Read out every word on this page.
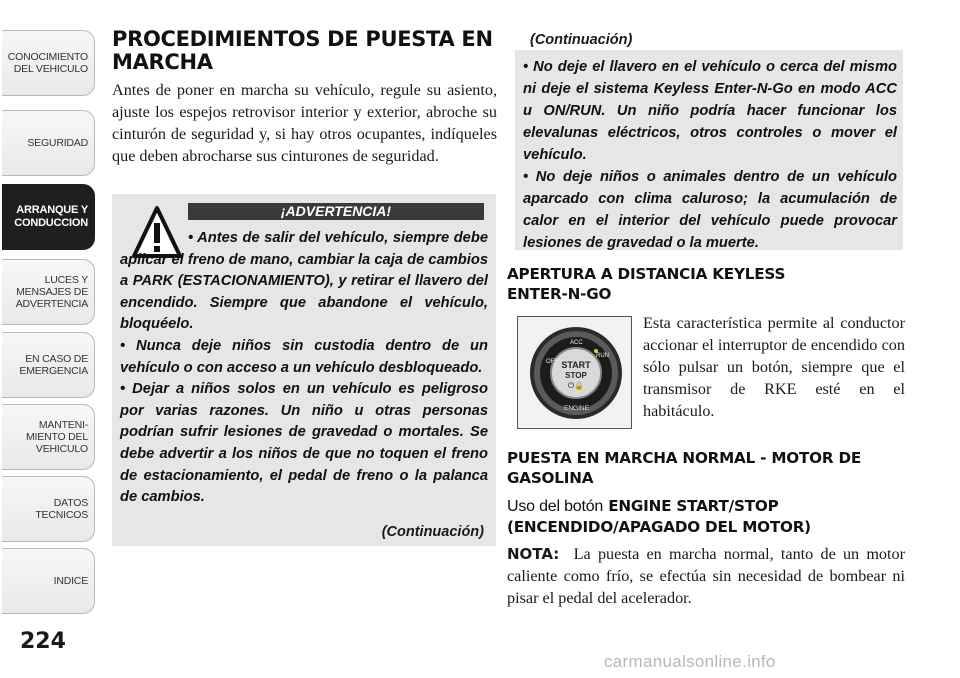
CONOCIMIENTO
DEL VEHICULO
SEGURIDAD
ARRANQUE Y
CONDUCCION
LUCES Y
MENSAJES DE
ADVERTENCIA
EN CASO DE
EMERGENCIA
MANTENI-
MIENTO DEL
VEHICULO
DATOS
TECNICOS
INDICE
224
PROCEDIMIENTOS DE PUESTA EN MARCHA

Antes de poner en marcha su vehículo, regule su asiento, ajuste los espejos retrovisor interior y exterior, abroche su cinturón de seguridad y, si hay otros ocupantes, indíqueles que deben abrocharse sus cinturones de seguridad.

¡ADVERTENCIA!

• Antes de salir del vehículo, siempre debe aplicar el freno de mano, cambiar la caja de cambios a PARK (ESTACIONAMIENTO), y retirar el llavero del encendido. Siempre que abandone el vehículo, bloquéelo.

• Nunca deje niños sin custodia dentro de un vehículo o con acceso a un vehículo desbloqueado.

• Dejar a niños solos en un vehículo es peligroso por varias razones. Un niño u otras personas podrían sufrir lesiones de gravedad o mortales. Se debe advertir a los niños de que no toquen el freno de estacionamiento, el pedal de freno o la palanca de cambios.

(Continuación)
(Continuación)

• No deje el llavero en el vehículo o cerca del mismo ni deje el sistema Keyless Enter-N-Go en modo ACC u ON/RUN. Un niño podría hacer funcionar los elevalunas eléctricos, otros controles o mover el vehículo.

• No deje niños o animales dentro de un vehículo aparcado con clima caluroso; la acumulación de calor en el interior del vehículo puede provocar lesiones de gravedad o la muerte.

APERTURA A DISTANCIA KEYLESS ENTER-N-GO
START
STOP
⏻🔒
OFF
ACC
RUN
ENGINE

Esta característica permite al conductor accionar el interruptor de encendido con sólo pulsar un botón, siempre que el transmisor de RKE esté en el habitáculo.

PUESTA EN MARCHA NORMAL - MOTOR DE GASOLINA
Uso del botón ENGINE START/STOP (ENCENDIDO/APAGADO DEL MOTOR)

NOTA: La puesta en marcha normal, tanto de un motor caliente como frío, se efectúa sin necesidad de bombear ni pisar el pedal del acelerador.

carmanualsonline.info
